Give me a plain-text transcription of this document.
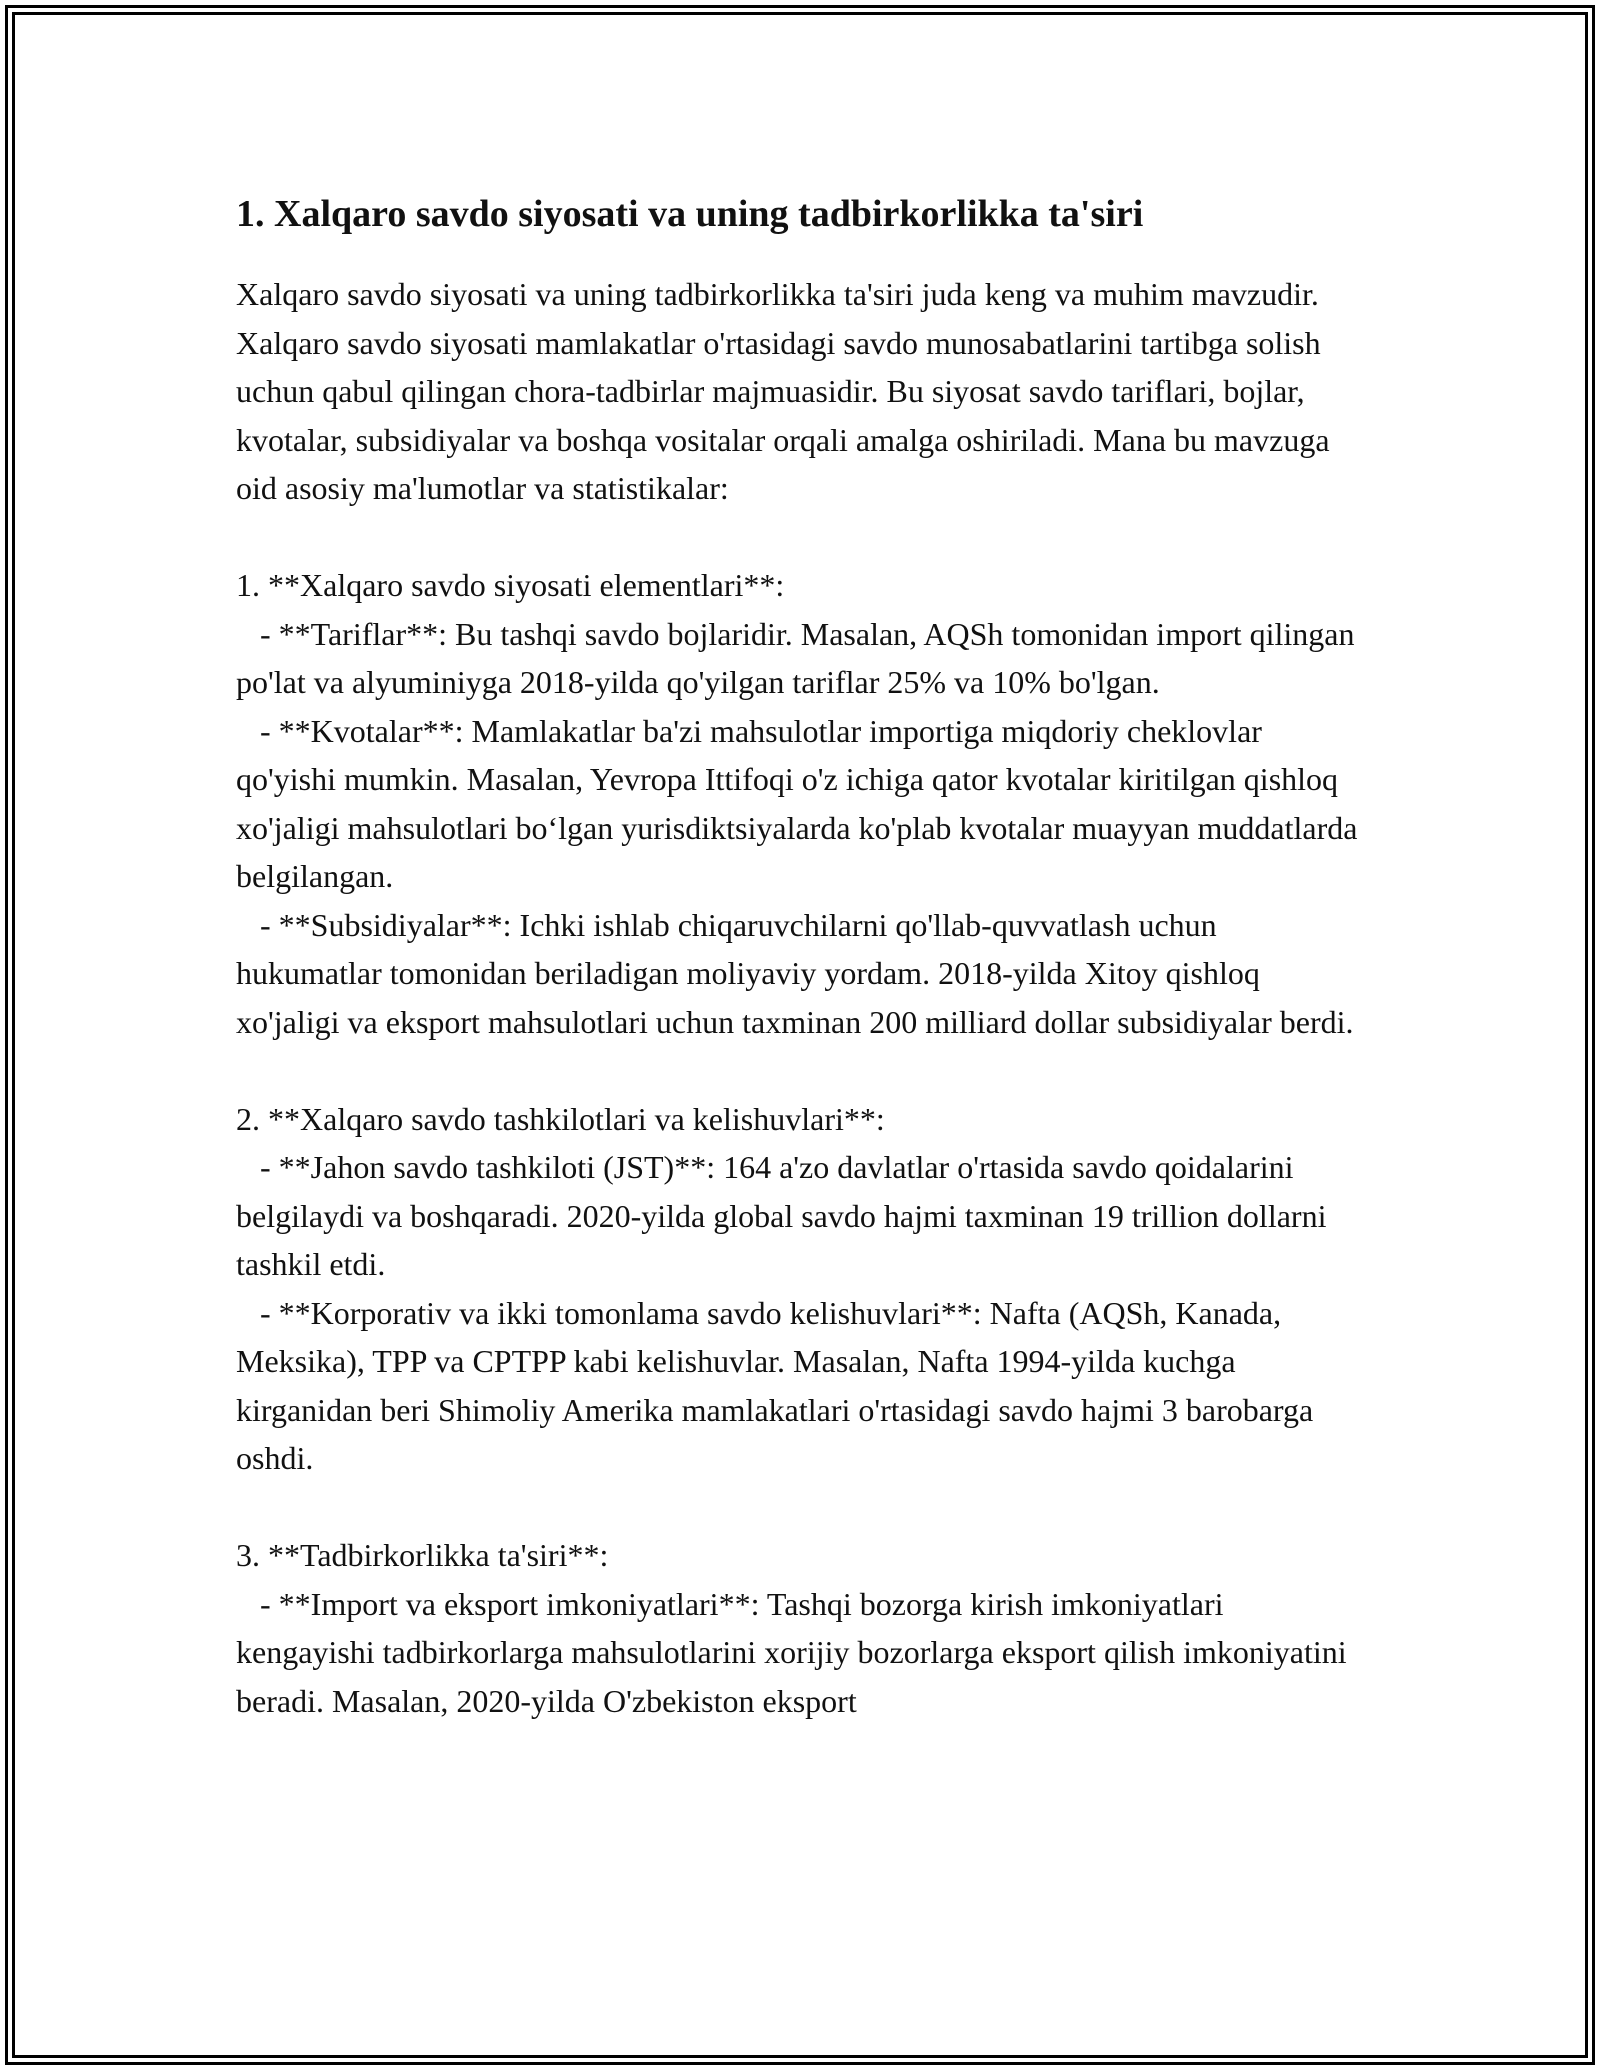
1. Xalqaro savdo siyosati va uning tadbirkorlikka ta'siri

Xalqaro savdo siyosati va uning tadbirkorlikka ta'siri juda keng va muhim mavzudir. Xalqaro savdo siyosati mamlakatlar o'rtasidagi savdo munosabatlarini tartibga solish uchun qabul qilingan chora-tadbirlar majmuasidir. Bu siyosat savdo tariflari, bojlar, kvotalar, subsidiyalar va boshqa vositalar orqali amalga oshiriladi. Mana bu mavzuga oid asosiy ma'lumotlar va statistikalar:

1. **Xalqaro savdo siyosati elementlari**:

- **Tariflar**: Bu tashqi savdo bojlaridir. Masalan, AQSh tomonidan import qilingan po'lat va alyuminiyga 2018-yilda qo'yilgan tariflar 25% va 10% bo'lgan.

- **Kvotalar**: Mamlakatlar ba'zi mahsulotlar importiga miqdoriy cheklovlar qo'yishi mumkin. Masalan, Yevropa Ittifoqi o'z ichiga qator kvotalar kiritilgan qishloq xo'jaligi mahsulotlari bo‘lgan yurisdiktsiyalarda ko'plab kvotalar muayyan muddatlarda belgilangan.

- **Subsidiyalar**: Ichki ishlab chiqaruvchilarni qo'llab-quvvatlash uchun hukumatlar tomonidan beriladigan moliyaviy yordam. 2018-yilda Xitoy qishloq xo'jaligi va eksport mahsulotlari uchun taxminan 200 milliard dollar subsidiyalar berdi.

2. **Xalqaro savdo tashkilotlari va kelishuvlari**:

- **Jahon savdo tashkiloti (JST)**: 164 a'zo davlatlar o'rtasida savdo qoidalarini belgilaydi va boshqaradi. 2020-yilda global savdo hajmi taxminan 19 trillion dollarni tashkil etdi.

- **Korporativ va ikki tomonlama savdo kelishuvlari**: Nafta (AQSh, Kanada, Meksika), TPP va CPTPP kabi kelishuvlar. Masalan, Nafta 1994-yilda kuchga kirganidan beri Shimoliy Amerika mamlakatlari o'rtasidagi savdo hajmi 3 barobarga oshdi.

3. **Tadbirkorlikka ta'siri**:

- **Import va eksport imkoniyatlari**: Tashqi bozorga kirish imkoniyatlari kengayishi tadbirkorlarga mahsulotlarini xorijiy bozorlarga eksport qilish imkoniyatini beradi. Masalan, 2020-yilda O'zbekiston eksport
